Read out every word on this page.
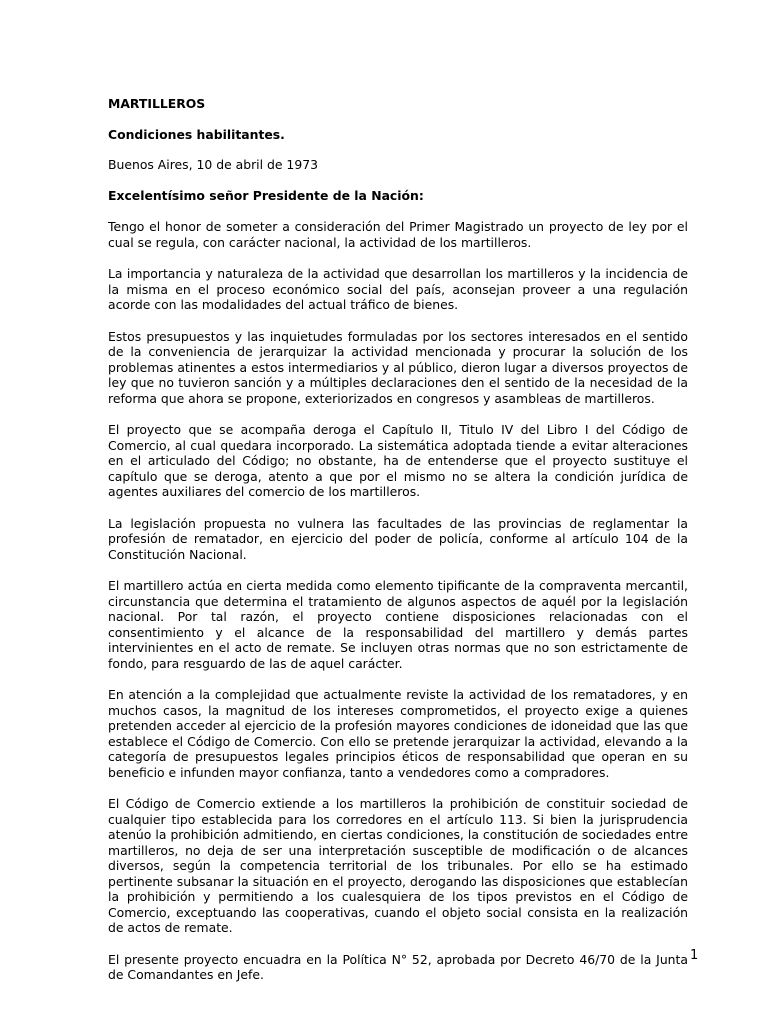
MARTILLEROS
Condiciones habilitantes.
Buenos Aires, 10 de abril de 1973
Excelentísimo señor Presidente de la Nación:

Tengo el honor de someter a consideración del Primer Magistrado un proyecto de ley por el cual se regula, con carácter nacional, la actividad de los martilleros.

La importancia y naturaleza de la actividad que desarrollan los martilleros y la incidencia de la misma en el proceso económico social del país, aconsejan proveer a una regulación acorde con las modalidades del actual tráfico de bienes.

Estos presupuestos y las inquietudes formuladas por los sectores interesados en el sentido de la conveniencia de jerarquizar la actividad mencionada y procurar la solución de los problemas atinentes a estos intermediarios y al público, dieron lugar a diversos proyectos de ley que no tuvieron sanción y a múltiples declaraciones den el sentido de la necesidad de la reforma que ahora se propone, exteriorizados en congresos y asambleas de martilleros.

El proyecto que se acompaña deroga el Capítulo II, Titulo IV del Libro I del Código de Comercio, al cual quedara incorporado. La sistemática adoptada tiende a evitar alteraciones en el articulado del Código; no obstante, ha de entenderse que el proyecto sustituye el capítulo que se deroga, atento a que por el mismo no se altera la condición jurídica de agentes auxiliares del comercio de los martilleros.

La legislación propuesta no vulnera las facultades de las provincias de reglamentar la profesión de rematador, en ejercicio del poder de policía, conforme al artículo 104 de la Constitución Nacional.

El martillero actúa en cierta medida como elemento tipificante de la compraventa mercantil, circunstancia que determina el tratamiento de algunos aspectos de aquél por la legislación nacional. Por tal razón, el proyecto contiene disposiciones relacionadas con el consentimiento y el alcance de la responsabilidad del martillero y demás partes intervinientes en el acto de remate. Se incluyen otras normas que no son estrictamente de fondo, para resguardo de las de aquel carácter.

En atención a la complejidad que actualmente reviste la actividad de los rematadores, y en muchos casos, la magnitud de los intereses comprometidos, el proyecto exige a quienes pretenden acceder al ejercicio de la profesión mayores condiciones de idoneidad que las que establece el Código de Comercio. Con ello se pretende jerarquizar la actividad, elevando a la categoría de presupuestos legales principios éticos de responsabilidad que operan en su beneficio e infunden mayor confianza, tanto a vendedores como a compradores.

El Código de Comercio extiende a los martilleros la prohibición de constituir sociedad de cualquier tipo establecida para los corredores en el artículo 113. Si bien la jurisprudencia atenúo la prohibición admitiendo, en ciertas condiciones, la constitución de sociedades entre martilleros, no deja de ser una interpretación susceptible de modificación o de alcances diversos, según la competencia territorial de los tribunales. Por ello se ha estimado pertinente subsanar la situación en el proyecto, derogando las disposiciones que establecían la prohibición y permitiendo a los cualesquiera de los tipos previstos en el Código de Comercio, exceptuando las cooperativas, cuando el objeto social consista en la realización de actos de remate.

El presente proyecto encuadra en la Política N° 52, aprobada por Decreto 46/70 de la Junta de Comandantes en Jefe.

1
